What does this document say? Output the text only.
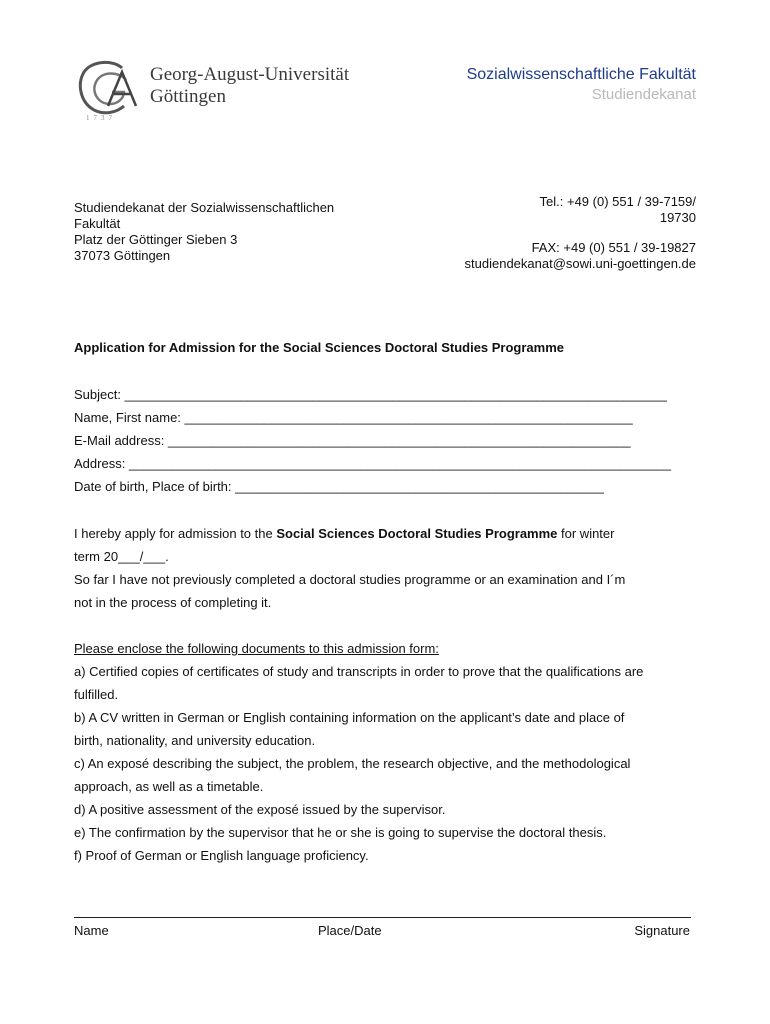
1737
Georg-August-Universität
Göttingen
Sozialwissenschaftliche Fakultät
Studiendekanat
Studiendekanat der Sozialwissenschaftlichen
Fakultät
Platz der Göttinger Sieben 3
37073 Göttingen
Tel.: +49 (0) 551 / 39-7159/
19730
FAX: +49 (0) 551 / 39-19827
studiendekanat@sowi.uni-goettingen.de
Application for Admission for the Social Sciences Doctoral Studies Programme
Subject: ___________________________________________________________________________
Name, First name: ______________________________________________________________
E-Mail address: ________________________________________________________________
Address: ___________________________________________________________________________
Date of birth, Place of birth: ___________________________________________________
I hereby apply for admission to the Social Sciences Doctoral Studies Programme for winter
term 20___/___.
So far I have not previously completed a doctoral studies programme or an examination and I´m
not in the process of completing it.
Please enclose the following documents to this admission form:
a) Certified copies of certificates of study and transcripts in order to prove that the qualifications are
fulfilled.
b) A CV written in German or English containing information on the applicant’s date and place of
birth, nationality, and university education.
c) An exposé describing the subject, the problem, the research objective, and the methodological
approach, as well as a timetable.
d) A positive assessment of the exposé issued by the supervisor.
e) The confirmation by the supervisor that he or she is going to supervise the doctoral thesis.
f) Proof of German or English language proficiency.
Name	Place/Date	Signature
